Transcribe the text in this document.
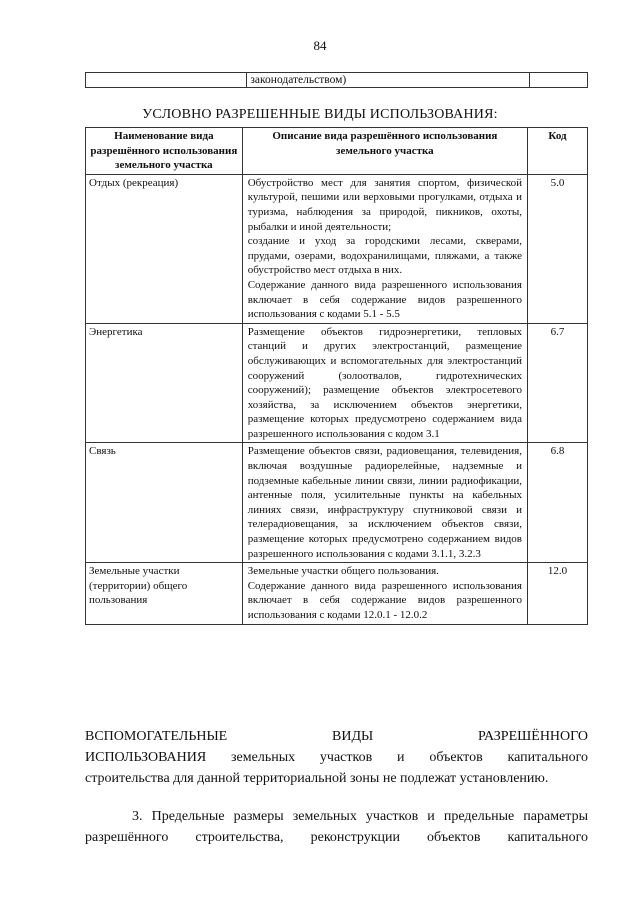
84
	законодательством)	
УСЛОВНО РАЗРЕШЕННЫЕ ВИДЫ ИСПОЛЬЗОВАНИЯ:
Наименование вида разрешённого использования земельного участка	Описание вида разрешённого использования земельного участка	Код
Отдых (рекреация)	Обустройство мест для занятия спортом, физической культурой, пешими или верховыми прогулками, отдыха и туризма, наблюдения за природой, пикников, охоты, рыбалки и иной деятельности;
создание и уход за городскими лесами, скверами, прудами, озерами, водохранилищами, пляжами, а также обустройство мест отдыха в них.
Содержание данного вида разрешенного использования включает в себя содержание видов разрешенного использования с кодами 5.1 - 5.5	5.0
Энергетика	Размещение объектов гидроэнергетики, тепловых станций и других электростанций, размещение обслуживающих и вспомогательных для электростанций сооружений (золоотвалов, гидротехнических сооружений); размещение объектов электросетевого хозяйства, за исключением объектов энергетики, размещение которых предусмотрено содержанием вида разрешенного использования с кодом 3.1	6.7
Связь	Размещение объектов связи, радиовещания, телевидения, включая воздушные радиорелейные, надземные и подземные кабельные линии связи, линии радиофикации, антенные поля, усилительные пункты на кабельных линиях связи, инфраструктуру спутниковой связи и телерадиовещания, за исключением объектов связи, размещение которых предусмотрено содержанием видов разрешенного использования с кодами 3.1.1, 3.2.3	6.8
Земельные участки (территории) общего пользования	Земельные участки общего пользования.
Содержание данного вида разрешенного использования включает в себя содержание видов разрешенного использования с кодами 12.0.1 - 12.0.2	12.0
ВСПОМОГАТЕЛЬНЫЕ ВИДЫ РАЗРЕШЁННОГО
ИСПОЛЬЗОВАНИЯ земельных участков и объектов капитального
строительства для данной территориальной зоны не подлежат установлению.
3. Предельные размеры земельных участков и предельные параметры
разрешённого строительства, реконструкции объектов капитального
